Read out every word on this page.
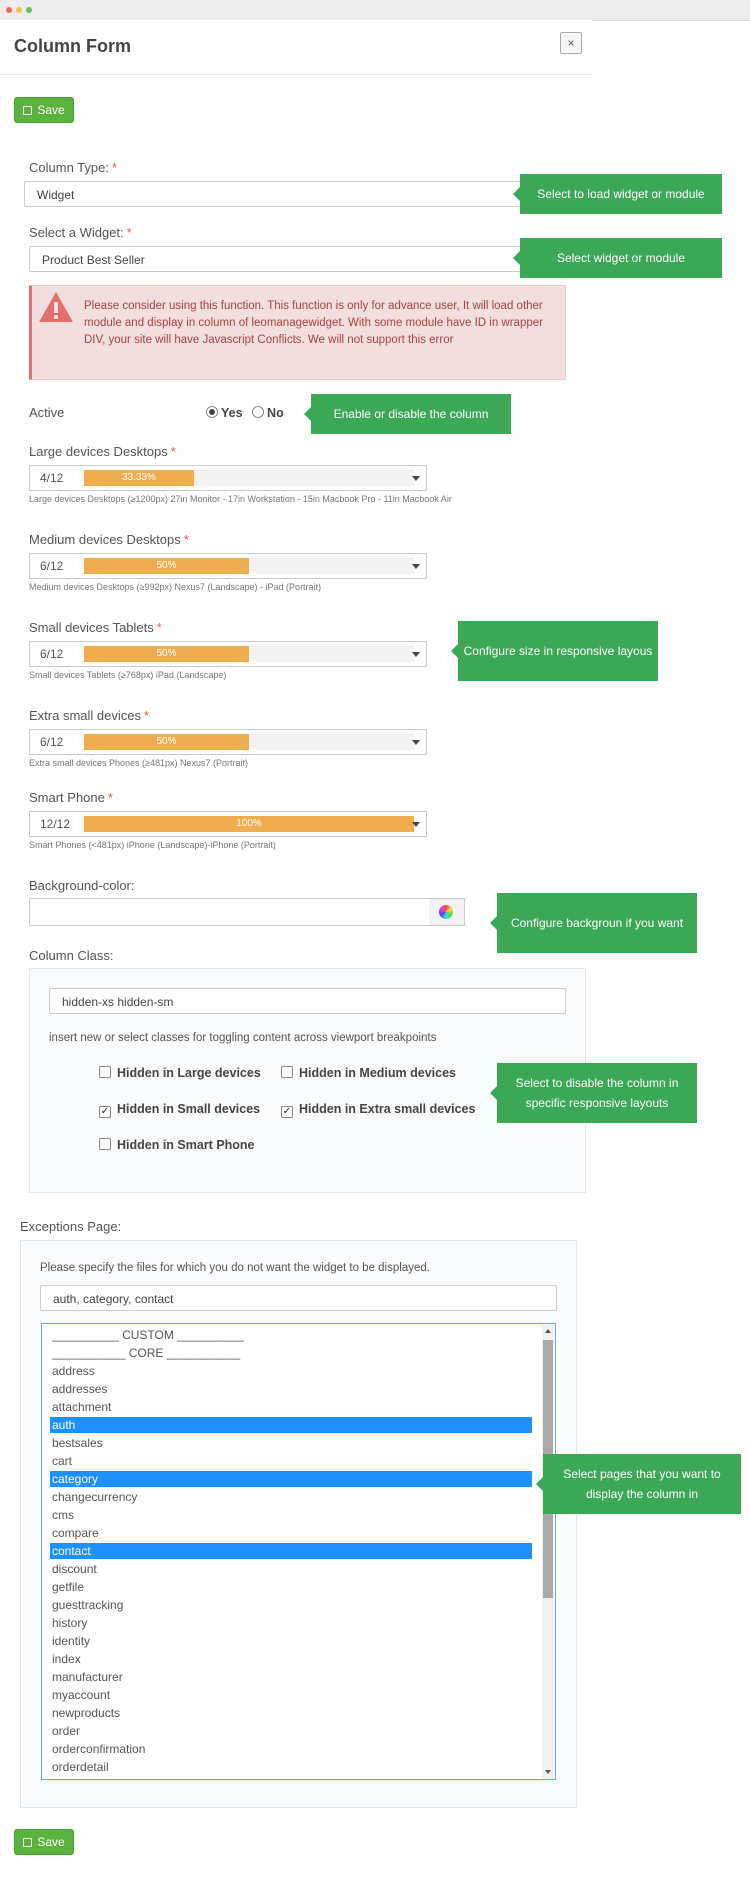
Column Form	×
Save
Column Type: *
Widget	Select to load widget or module
Select a Widget: *
Product Best Seller	Select widget or module
Please consider using this function. This function is only for advance user, It will load other module and display in column of leomanagewidget. With some module have ID in wrapper DIV, your site will have Javascript Conflicts. We will not support this error
Active	Yes No	Enable or disable the column
Large devices Desktops *
4/12	33.33%
Large devices Desktops (≥1200px) 27in Monitor - 17in Workstation - 15in Macbook Pro - 11in Macbook Air
Medium devices Desktops *
6/12	50%
Medium devices Desktops (≥992px) Nexus7 (Landscape) - iPad (Portrait)
Small devices Tablets *
6/12	50%
Small devices Tablets (≥768px) iPad (Landscape)
Extra small devices *
6/12	50%
Extra small devices Phones (≥481px) Nexus7 (Portrait)
Smart Phone *
12/12	100%
Smart Phones (<481px) iPhone (Landscape)-iPhone (Portrait)
Configure size in responsive layous
Background-color:
Configure backgroun if you want
Column Class:
hidden-xs hidden-sm
insert new or select classes for toggling content across viewport breakpoints
Hidden in Large devices	Hidden in Medium devices
✓ Hidden in Small devices ✓ Hidden in Extra small devices
Hidden in Smart Phone
Select to disable the column in specific responsive layouts
Exceptions Page:
Please specify the files for which you do not want the widget to be displayed.
auth, category, contact
__________ CUSTOM __________
___________ CORE ___________
address
addresses
attachment
auth
bestsales
cart
category
changecurrency
cms
compare
contact
discount
getfile
guesttracking
history
identity
index
manufacturer
myaccount
newproducts
order
orderconfirmation
orderdetail
Select pages that you want to display the column in
Save
